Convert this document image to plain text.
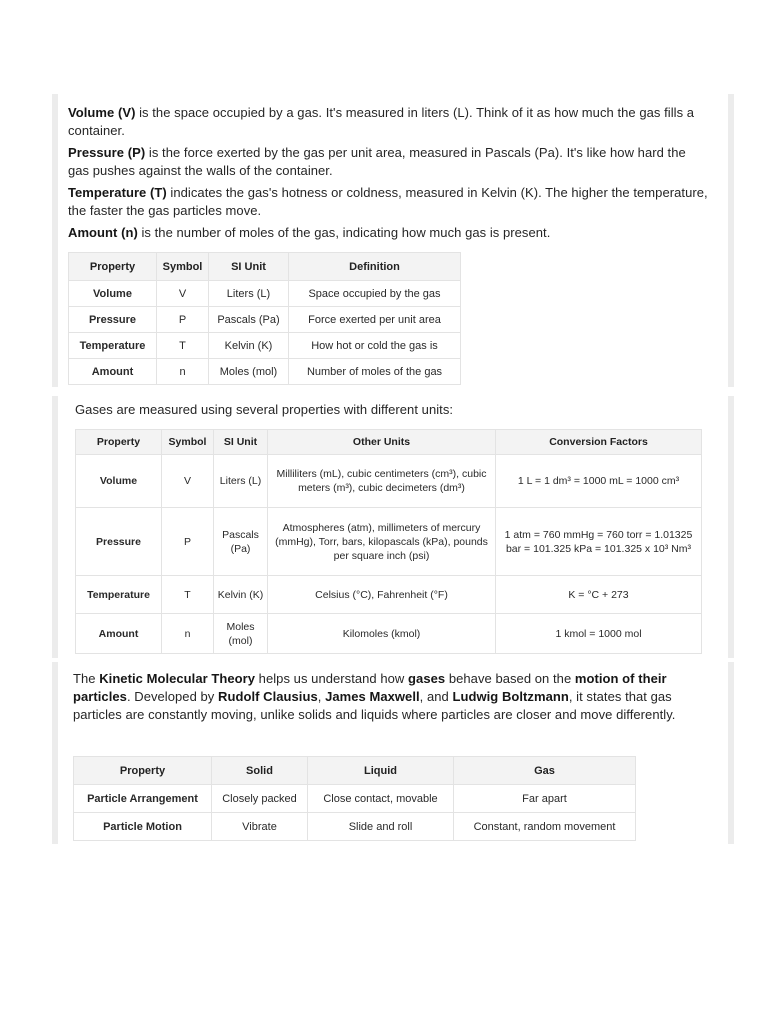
Volume (V) is the space occupied by a gas. It's measured in liters (L). Think of it as how much the gas fills a container.
Pressure (P) is the force exerted by the gas per unit area, measured in Pascals (Pa). It's like how hard the gas pushes against the walls of the container.
Temperature (T) indicates the gas's hotness or coldness, measured in Kelvin (K). The higher the temperature, the faster the gas particles move.
Amount (n) is the number of moles of the gas, indicating how much gas is present.
Property	Symbol	SI Unit	Definition
Volume	V	Liters (L)	Space occupied by the gas
Pressure	P	Pascals (Pa)	Force exerted per unit area
Temperature	T	Kelvin (K)	How hot or cold the gas is
Amount	n	Moles (mol)	Number of moles of the gas
Gases are measured using several properties with different units:
Property	Symbol	SI Unit	Other Units	Conversion Factors
Volume	V	Liters (L)	Milliliters (mL), cubic centimeters (cm³), cubic meters (m³), cubic decimeters (dm³)	1 L = 1 dm³ = 1000 mL = 1000 cm³
Pressure	P	Pascals (Pa)	Atmospheres (atm), millimeters of mercury (mmHg), Torr, bars, kilopascals (kPa), pounds per square inch (psi)	1 atm = 760 mmHg = 760 torr = 1.01325 bar = 101.325 kPa = 101.325 x 10³ Nm³
Temperature	T	Kelvin (K)	Celsius (°C), Fahrenheit (°F)	K = °C + 273
Amount	n	Moles (mol)	Kilomoles (kmol)	1 kmol = 1000 mol
The Kinetic Molecular Theory helps us understand how gases behave based on the motion of their particles. Developed by Rudolf Clausius, James Maxwell, and Ludwig Boltzmann, it states that gas particles are constantly moving, unlike solids and liquids where particles are closer and move differently.
Property	Solid	Liquid	Gas
Particle Arrangement	Closely packed	Close contact, movable	Far apart
Particle Motion	Vibrate	Slide and roll	Constant, random movement
